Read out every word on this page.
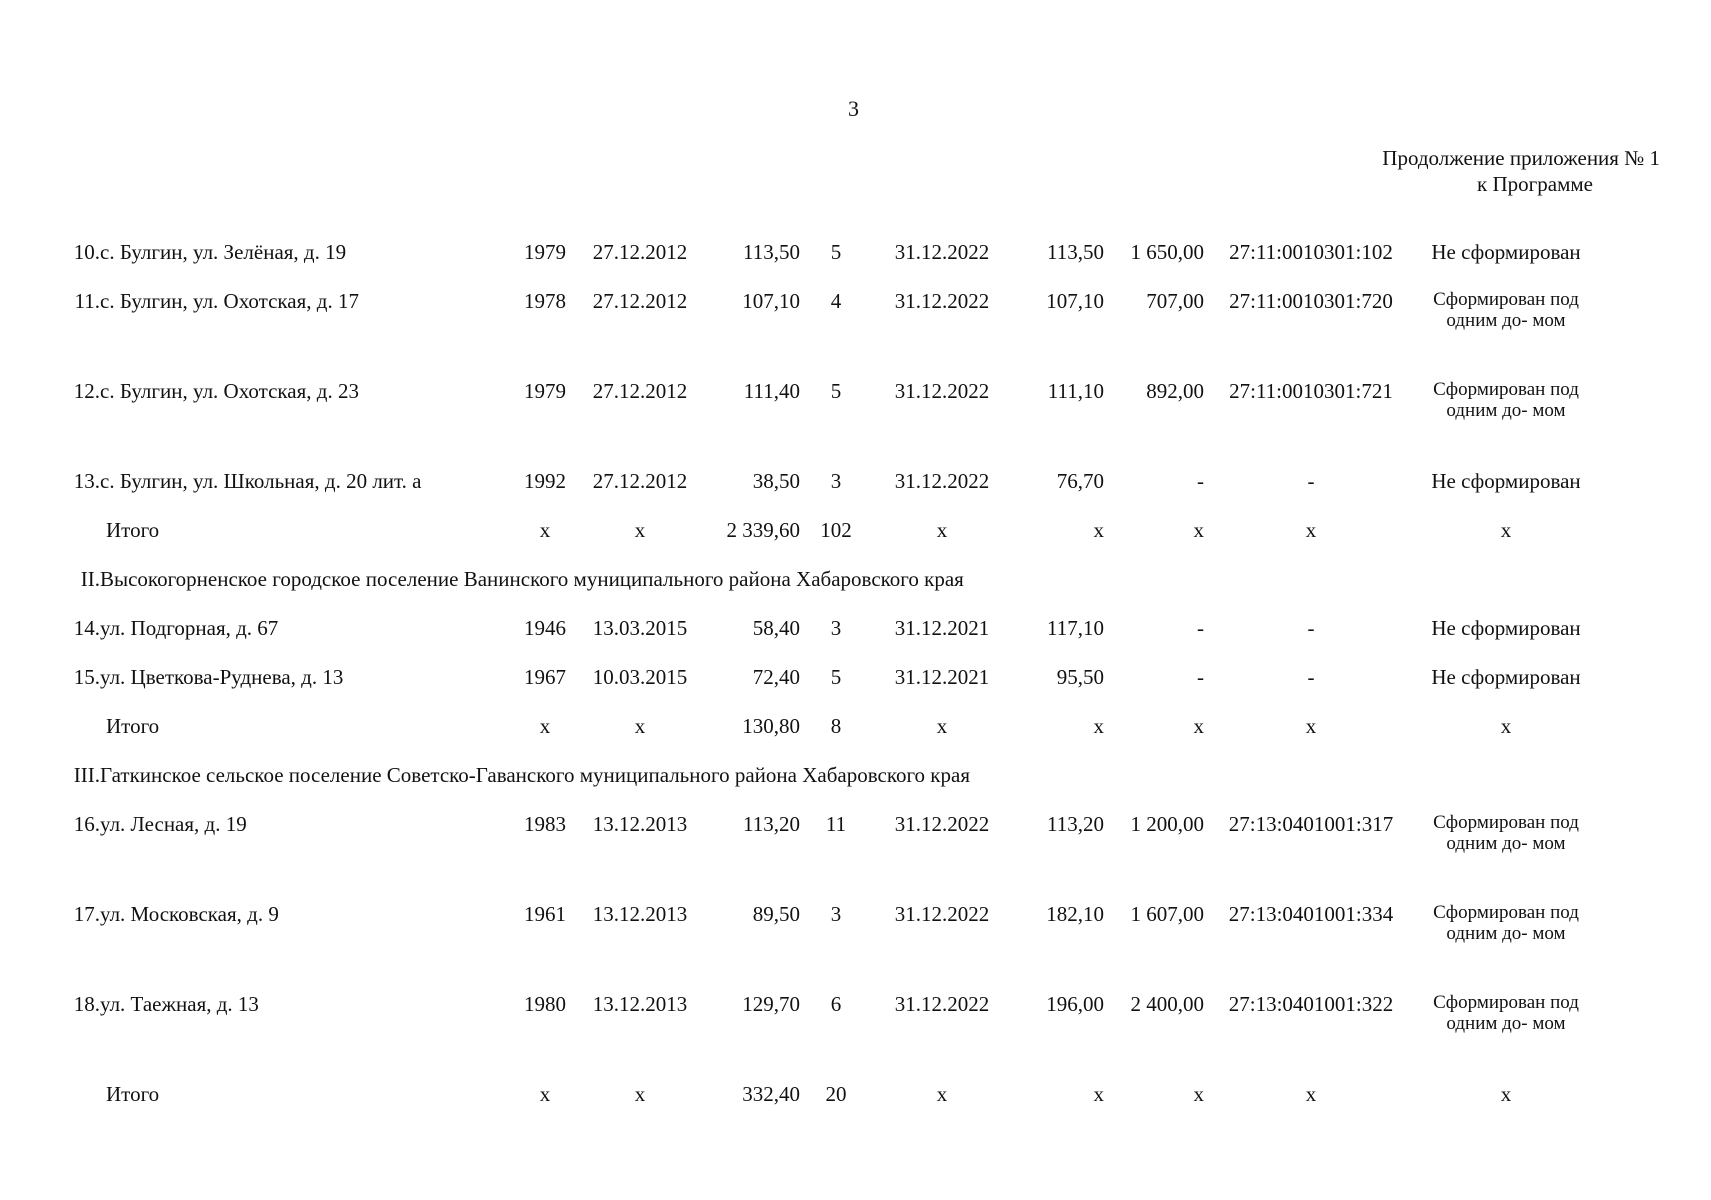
3
Продолжение приложения № 1
к Программе
10.	с. Булгин, ул. Зелёная, д. 19	1979	27.12.2012	113,50	5	31.12.2022	113,50	1 650,00	27:11:0010301:102	Не сформирован
11.	с. Булгин, ул. Охотская, д. 17	1978	27.12.2012	107,10	4	31.12.2022	107,10	707,00	27:11:0010301:720	Сформирован под одним до- мом
12.	с. Булгин, ул. Охотская, д. 23	1979	27.12.2012	111,40	5	31.12.2022	111,10	892,00	27:11:0010301:721	Сформирован под одним до- мом
13.	с. Булгин, ул. Школьная, д. 20 лит. а	1992	27.12.2012	38,50	3	31.12.2022	76,70	-	-	Не сформирован
	Итого	х	х	2 339,60	102	х	х	х	х	х
II.	Высокогорненское городское поселение Ванинского муниципального района Хабаровского края									
14.	ул. Подгорная, д. 67	1946	13.03.2015	58,40	3	31.12.2021	117,10	-	-	Не сформирован
15.	ул. Цветкова-Руднева, д. 13	1967	10.03.2015	72,40	5	31.12.2021	95,50	-	-	Не сформирован
	Итого	х	х	130,80	8	х	х	х	х	х
III.	Гаткинское сельское поселение Советско-Гаванского муниципального района Хабаровского края									
16.	ул. Лесная, д. 19	1983	13.12.2013	113,20	11	31.12.2022	113,20	1 200,00	27:13:0401001:317	Сформирован под одним до- мом
17.	ул. Московская, д. 9	1961	13.12.2013	89,50	3	31.12.2022	182,10	1 607,00	27:13:0401001:334	Сформирован под одним до- мом
18.	ул. Таежная, д. 13	1980	13.12.2013	129,70	6	31.12.2022	196,00	2 400,00	27:13:0401001:322	Сформирован под одним до- мом
	Итого	х	х	332,40	20	х	х	х	х	х
